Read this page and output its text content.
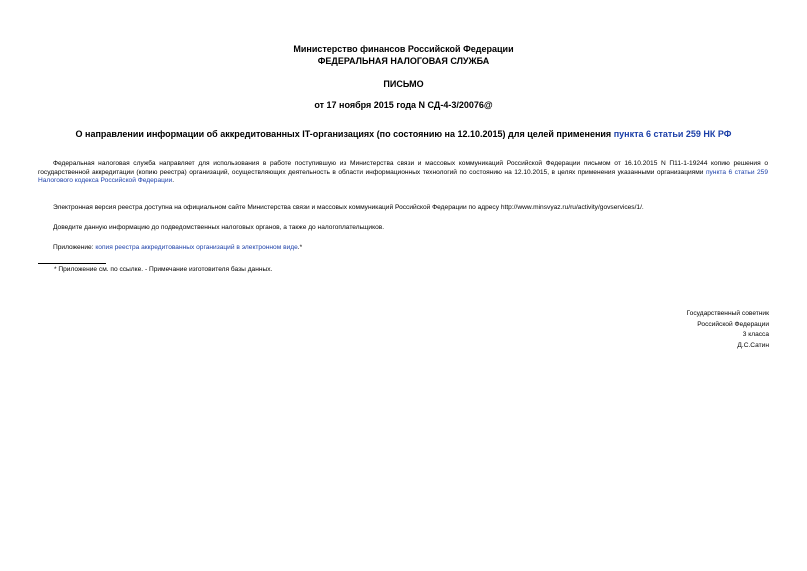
Министерство финансов Российской Федерации
ФЕДЕРАЛЬНАЯ НАЛОГОВАЯ СЛУЖБА
ПИСЬМО
от 17 ноября 2015 года N СД-4-3/20076@
О направлении информации об аккредитованных IT-организациях (по состоянию на 12.10.2015) для целей применения пункта 6 статьи 259 НК РФ
Федеральная налоговая служба направляет для использования в работе поступившую из Министерства связи и массовых коммуникаций Российской Федерации письмом от 16.10.2015 N П11-1-19244 копию решения о государственной аккредитации (копию реестра) организаций, осуществляющих деятельность в области информационных технологий по состоянию на 12.10.2015, в целях применения указанными организациями пункта 6 статьи 259 Налогового кодекса Российской Федерации.
Электронная версия реестра доступна на официальном сайте Министерства связи и массовых коммуникаций Российской Федерации по адресу http://www.minsvyaz.ru/ru/activity/govservices/1/.
Доведите данную информацию до подведомственных налоговых органов, а также до налогоплательщиков.
Приложение: копия реестра аккредитованных организаций в электронном виде.*
* Приложение см. по ссылке. - Примечание изготовителя базы данных.
Государственный советник
Российской Федерации
3 класса
Д.С.Сатин
